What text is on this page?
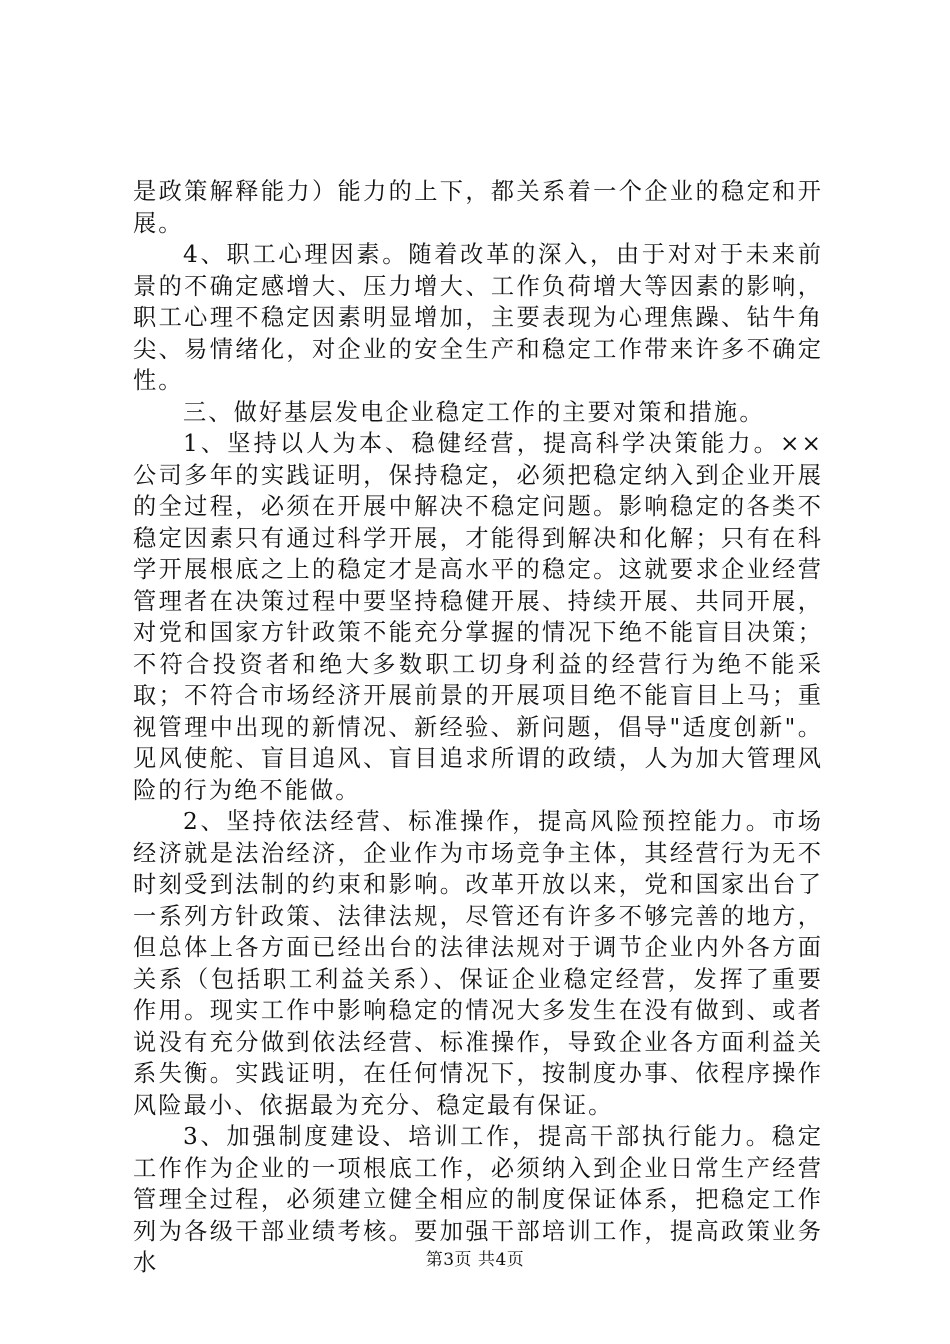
是政策解释能力）能力的上下，都关系着一个企业的稳定和开展。

4、职工心理因素。随着改革的深入，由于对对于未来前景的不确定感增大、压力增大、工作负荷增大等因素的影响，职工心理不稳定因素明显增加，主要表现为心理焦躁、钻牛角尖、易情绪化，对企业的安全生产和稳定工作带来许多不确定性。

三、做好基层发电企业稳定工作的主要对策和措施。

1、坚持以人为本、稳健经营，提高科学决策能力。××公司多年的实践证明，保持稳定，必须把稳定纳入到企业开展的全过程，必须在开展中解决不稳定问题。影响稳定的各类不稳定因素只有通过科学开展，才能得到解决和化解；只有在科学开展根底之上的稳定才是高水平的稳定。这就要求企业经营管理者在决策过程中要坚持稳健开展、持续开展、共同开展，对党和国家方针政策不能充分掌握的情况下绝不能盲目决策；不符合投资者和绝大多数职工切身利益的经营行为绝不能采取；不符合市场经济开展前景的开展项目绝不能盲目上马；重视管理中出现的新情况、新经验、新问题，倡导"适度创新"。见风使舵、盲目追风、盲目追求所谓的政绩，人为加大管理风险的行为绝不能做。

2、坚持依法经营、标准操作，提高风险预控能力。市场经济就是法治经济，企业作为市场竞争主体，其经营行为无不时刻受到法制的约束和影响。改革开放以来，党和国家出台了一系列方针政策、法律法规，尽管还有许多不够完善的地方，但总体上各方面已经出台的法律法规对于调节企业内外各方面关系（包括职工利益关系）、保证企业稳定经营，发挥了重要作用。现实工作中影响稳定的情况大多发生在没有做到、或者说没有充分做到依法经营、标准操作，导致企业各方面利益关系失衡。实践证明，在任何情况下，按制度办事、依程序操作风险最小、依据最为充分、稳定最有保证。

3、加强制度建设、培训工作，提高干部执行能力。稳定工作作为企业的一项根底工作，必须纳入到企业日常生产经营管理全过程，必须建立健全相应的制度保证体系，把稳定工作列为各级干部业绩考核。要加强干部培训工作，提高政策业务水	第3页 共4页
